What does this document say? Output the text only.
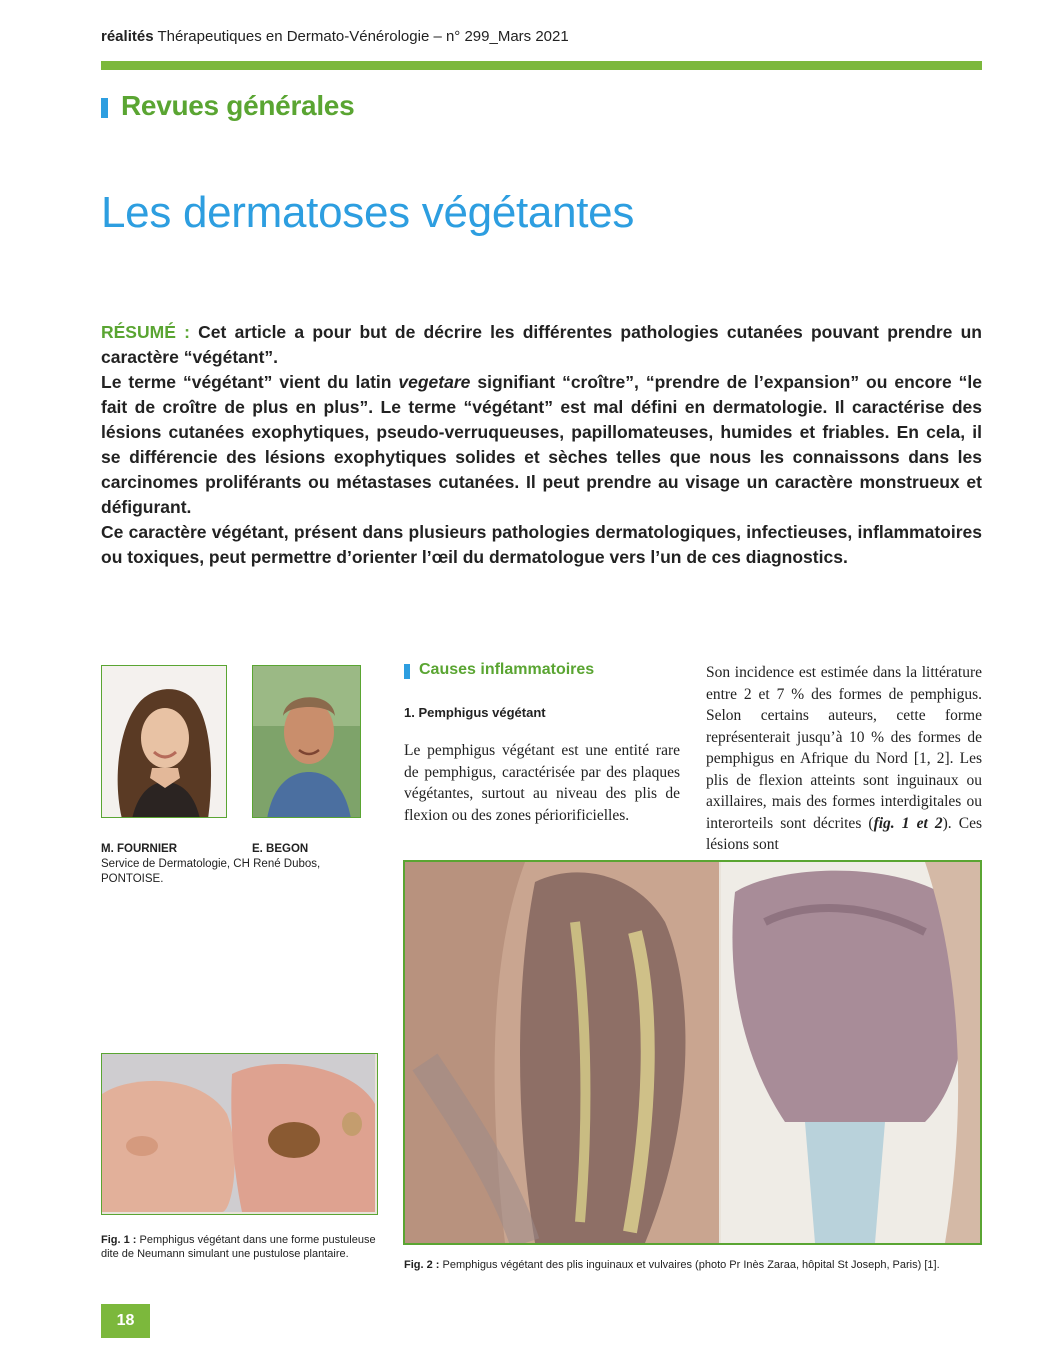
réalités Thérapeutiques en Dermato-Vénérologie – n° 299_Mars 2021
Revues générales
Les dermatoses végétantes

RÉSUMÉ : Cet article a pour but de décrire les différentes pathologies cutanées pouvant prendre un caractère “végétant”.

Le terme “végétant” vient du latin vegetare signifiant “croître”, “prendre de l’expansion” ou encore “le fait de croître de plus en plus”. Le terme “végétant” est mal défini en dermatologie. Il caractérise des lésions cutanées exophytiques, pseudo-verruqueuses, papillomateuses, humides et friables. En cela, il se différencie des lésions exophytiques solides et sèches telles que nous les connaissons dans les carcinomes proliférants ou métastases cutanées. Il peut prendre au visage un caractère monstrueux et défigurant.

Ce caractère végétant, présent dans plusieurs pathologies dermatologiques, infectieuses, inflammatoires ou toxiques, peut permettre d’orienter l’œil du dermatologue vers l’un de ces diagnostics.

M. FOURNIER	E. BEGON
Service de Dermatologie, CH René Dubos,
PONTOISE.
Causes inflammatoires
1. Pemphigus végétant
Le pemphigus végétant est une entité rare de pemphigus, caractérisée par des plaques végétantes, surtout au niveau des plis de flexion ou des zones périorificielles.
Son incidence est estimée dans la littérature entre 2 et 7 % des formes de pemphigus. Selon certains auteurs, cette forme représenterait jusqu’à 10 % des formes de pemphigus en Afrique du Nord [1, 2]. Les plis de flexion atteints sont inguinaux ou axillaires, mais des formes interdigitales ou interorteils sont décrites (fig. 1 et 2). Ces lésions sont
Fig. 1 : Pemphigus végétant dans une forme pustuleuse dite de Neumann simulant une pustulose plantaire.
Fig. 2 : Pemphigus végétant des plis inguinaux et vulvaires (photo Pr Inès Zaraa, hôpital St Joseph, Paris) [1].
18
